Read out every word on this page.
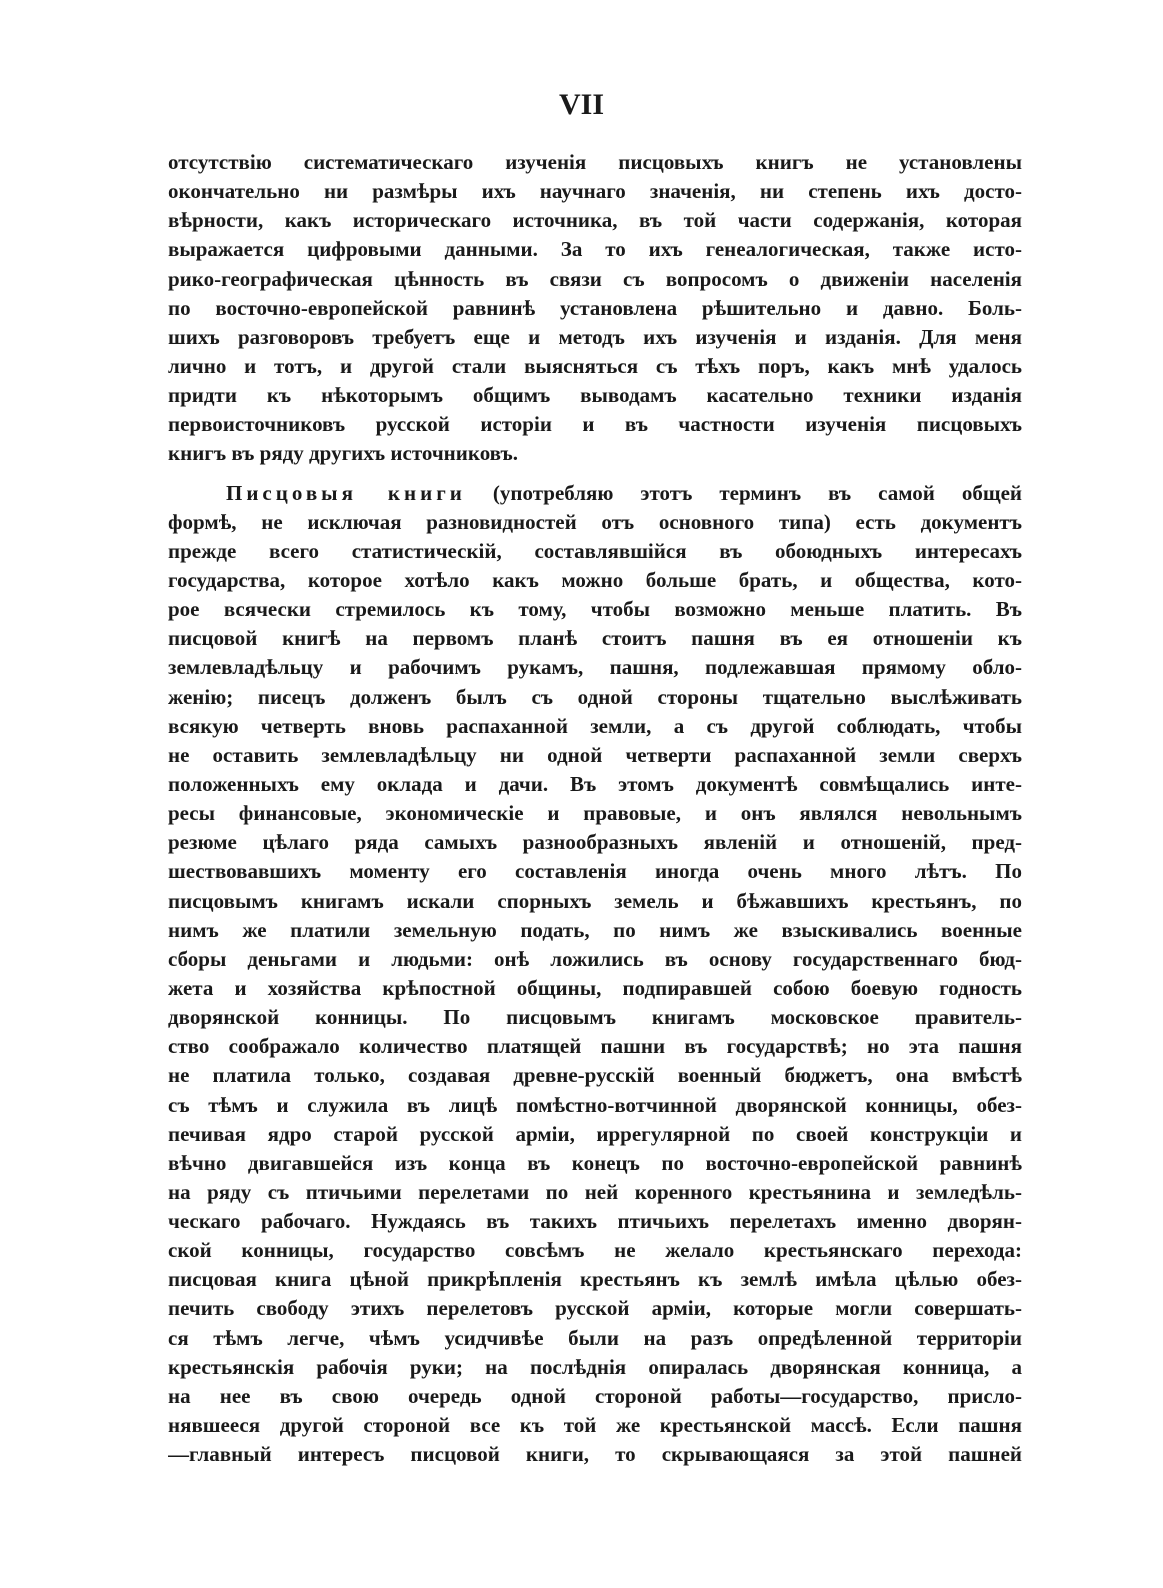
VII
отсутствію систематическаго изученія писцовыхъ книгъ не установлены
окончательно ни размѣры ихъ научнаго значенія, ни степень ихъ досто-
вѣрности, какъ историческаго источника, въ той части содержанія, которая
выражается цифровыми данными. За то ихъ генеалогическая, также исто-
рико-географическая цѣнность въ связи съ вопросомъ о движеніи населенія
по восточно-европейской равнинѣ установлена рѣшительно и давно. Боль-
шихъ разговоровъ требуетъ еще и методъ ихъ изученія и изданія. Для меня
лично и тотъ, и другой стали выясняться съ тѣхъ поръ, какъ мнѣ удалось
придти къ нѣкоторымъ общимъ выводамъ касательно техники изданія
первоисточниковъ русской исторіи и въ частности изученія писцовыхъ
книгъ въ ряду другихъ источниковъ.
Писцовыя книги (употребляю этотъ терминъ въ самой общей
формѣ, не исключая разновидностей отъ основного типа) есть документъ
прежде всего статистическій, составлявшійся въ обоюдныхъ интересахъ
государства, которое хотѣло какъ можно больше брать, и общества, кото-
рое всячески стремилось къ тому, чтобы возможно меньше платить. Въ
писцовой книгѣ на первомъ планѣ стоитъ пашня въ ея отношеніи къ
землевладѣльцу и рабочимъ рукамъ, пашня, подлежавшая прямому обло-
женію; писецъ долженъ былъ съ одной стороны тщательно выслѣживать
всякую четверть вновь распаханной земли, а съ другой соблюдать, чтобы
не оставить землевладѣльцу ни одной четверти распаханной земли сверхъ
положенныхъ ему оклада и дачи. Въ этомъ документѣ совмѣщались инте-
ресы финансовые, экономическіе и правовые, и онъ являлся невольнымъ
резюме цѣлаго ряда самыхъ разнообразныхъ явленій и отношеній, пред-
шествовавшихъ моменту его составленія иногда очень много лѣтъ. По
писцовымъ книгамъ искали спорныхъ земель и бѣжавшихъ крестьянъ, по
нимъ же платили земельную подать, по нимъ же взыскивались военные
сборы деньгами и людьми: онѣ ложились въ основу государственнаго бюд-
жета и хозяйства крѣпостной общины, подпиравшей собою боевую годность
дворянской конницы. По писцовымъ книгамъ московское правитель-
ство соображало количество платящей пашни въ государствѣ; но эта пашня
не платила только, создавая древне-русскій военный бюджетъ, она вмѣстѣ
съ тѣмъ и служила въ лицѣ помѣстно-вотчинной дворянской конницы, обез-
печивая ядро старой русской арміи, иррегулярной по своей конструкціи и
вѣчно двигавшейся изъ конца въ конецъ по восточно-европейской равнинѣ
на ряду съ птичьими перелетами по ней коренного крестьянина и земледѣль-
ческаго рабочаго. Нуждаясь въ такихъ птичьихъ перелетахъ именно дворян-
ской конницы, государство совсѣмъ не желало крестьянскаго перехода:
писцовая книга цѣной прикрѣпленія крестьянъ къ землѣ имѣла цѣлью обез-
печить свободу этихъ перелетовъ русской арміи, которые могли совершать-
ся тѣмъ легче, чѣмъ усидчивѣе были на разъ опредѣленной территоріи
крестьянскія рабочія руки; на послѣднія опиралась дворянская конница, а
на нее въ свою очередь одной стороной работы—государство, присло-
нявшееся другой стороной все къ той же крестьянской массѣ. Если пашня
—главный интересъ писцовой книги, то скрывающаяся за этой пашней
